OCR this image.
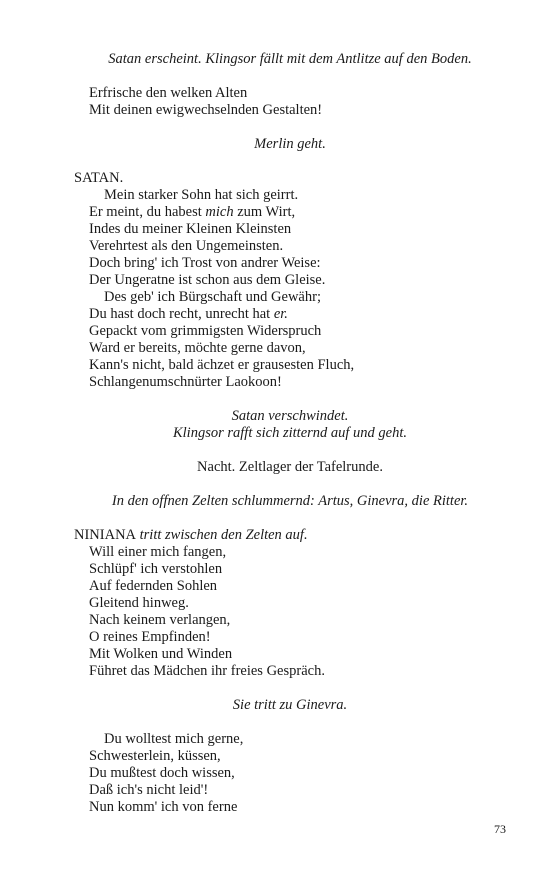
Satan erscheint. Klingsor fällt mit dem Antlitze auf den Boden.
Erfrische den welken Alten
Mit deinen ewigwechselnden Gestalten!
Merlin geht.
SATAN.
Mein starker Sohn hat sich geirrt.
Er meint, du habest mich zum Wirt,
Indes du meiner Kleinen Kleinsten
Verehrtest als den Ungemeinsten.
Doch bring' ich Trost von andrer Weise:
Der Ungeratne ist schon aus dem Gleise.
Des geb' ich Bürgschaft und Gewähr;
Du hast doch recht, unrecht hat er.
Gepackt vom grimmigsten Widerspruch
Ward er bereits, möchte gerne davon,
Kann's nicht, bald ächzet er grausesten Fluch,
Schlangenumschnürter Laokoon!
Satan verschwindet.
Klingsor rafft sich zitternd auf und geht.
Nacht. Zeltlager der Tafelrunde.
In den offnen Zelten schlummernd: Artus, Ginevra, die Ritter.
NINIANA tritt zwischen den Zelten auf.
Will einer mich fangen,
Schlüpf' ich verstohlen
Auf federnden Sohlen
Gleitend hinweg.
Nach keinem verlangen,
O reines Empfinden!
Mit Wolken und Winden
Führet das Mädchen ihr freies Gespräch.
Sie tritt zu Ginevra.
Du wolltest mich gerne,
Schwesterlein, küssen,
Du mußtest doch wissen,
Daß ich's nicht leid'!
Nun komm' ich von ferne
73
